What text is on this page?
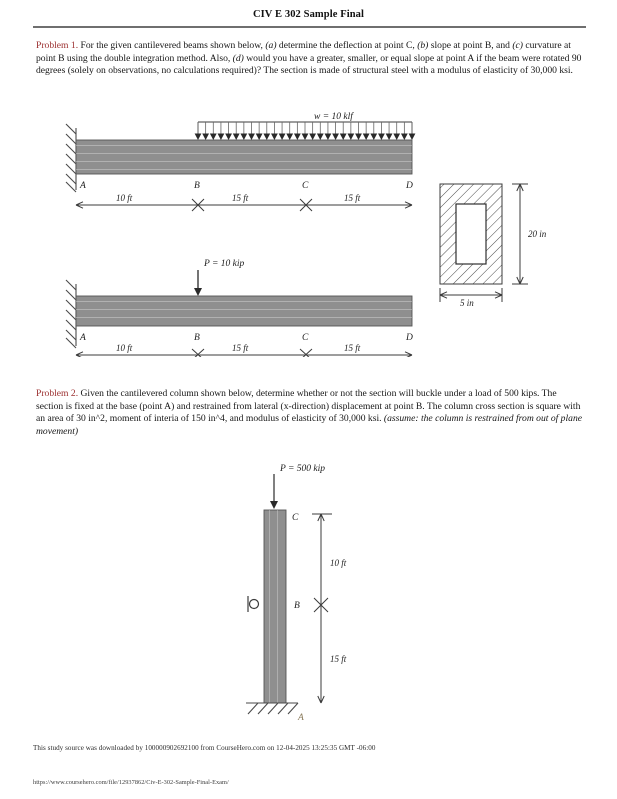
CIV E 302 Sample Final
Problem 1. For the given cantilevered beams shown below, (a) determine the deflection at point C, (b) slope at point B, and (c) curvature at point B using the double integration method. Also, (d) would you have a greater, smaller, or equal slope at point A if the beam were rotated 90 degrees (solely on observations, no calculations required)? The section is made of structural steel with a modulus of elasticity of 30,000 ksi.
A	B	C	D
10 ft	15 ft	15 ft
w = 10 klf
20 in
5 in
P = 10 kip
A	B	C	D
10 ft	15 ft	15 ft
Problem 2. Given the cantilevered column shown below, determine whether or not the section will buckle under a load of 500 kips. The section is fixed at the base (point A) and restrained from lateral (x-direction) displacement at point B. The column cross section is square with an area of 30 in^2, moment of interia of 150 in^4, and modulus of elasticity of 30,000 ksi. (assume: the column is restrained from out of plane movement)
P = 500 kip
C
B
A
10 ft
15 ft
This study source was downloaded by 100000902692100 from CourseHero.com on 12-04-2025 13:25:35 GMT -06:00
https://www.coursehero.com/file/12937862/Civ-E-302-Sample-Final-Exam/
